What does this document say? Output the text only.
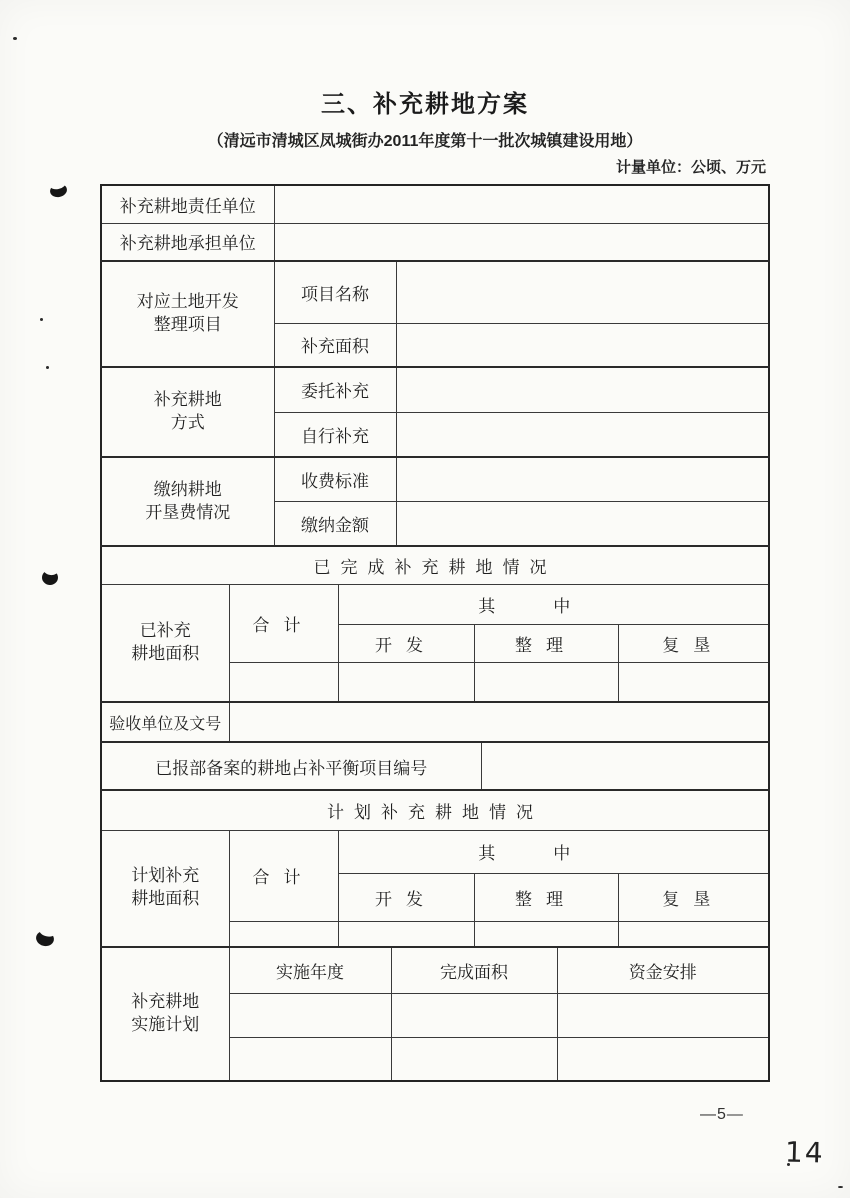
三、补充耕地方案
（清远市清城区凤城街办2011年度第十一批次城镇建设用地）
计量单位：公顷、万元
补充耕地责任单位									
补充耕地承担单位									

对应土地开发
整理项目		项目名称							
		补充面积							

补充耕地
方式		委托补充							
		自行补充							

缴纳耕地
开垦费情况		收费标准							
		缴纳金额							
已完成补充耕地情况									

已补充
耕地面积	合计		其中						
			开发			整理			复垦

验收单位及文号									
已报部备案的耕地占补平衡项目编号									
计划补充耕地情况									

计划补充
耕地面积	合计		其中						
			开发			整理			复垦

补充耕地
实施计划	实施年度			完成面积				资金安排	

—5—
14
